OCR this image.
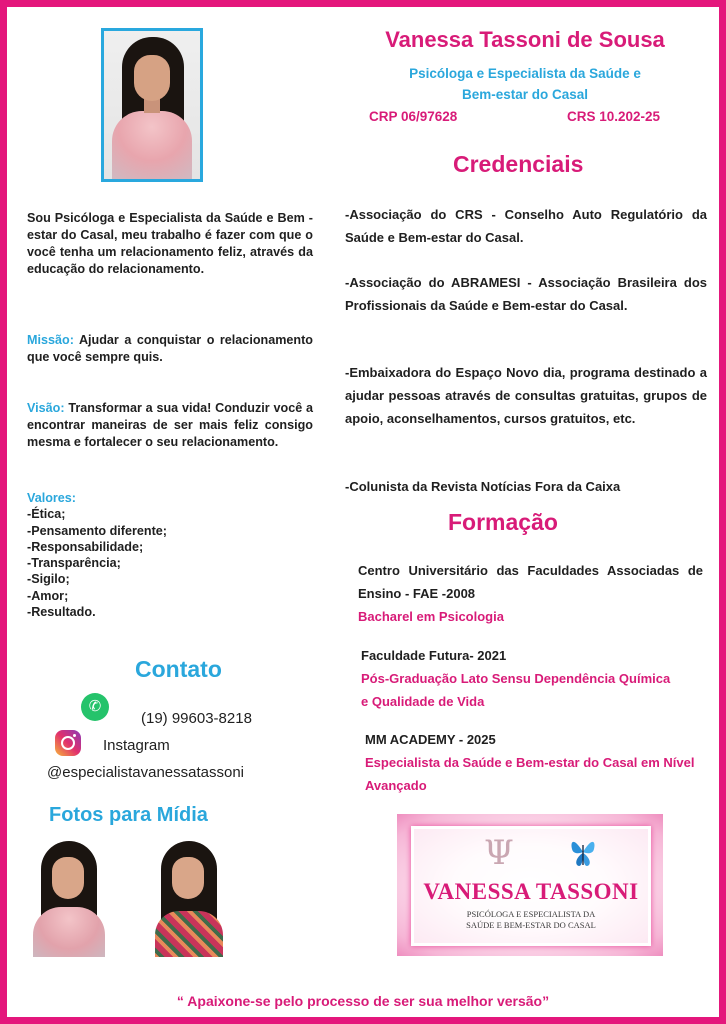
Vanessa Tassoni de Sousa
Psicóloga e Especialista da Saúde e
Bem-estar do Casal
CRP 06/97628	CRS 10.202-25

Sou Psicóloga e Especialista da Saúde e Bem -estar do Casal, meu trabalho é fazer com que o você tenha um relacionamento feliz, através da educação do relacionamento.

Missão: Ajudar a conquistar o relacionamento que você sempre quis.

Visão: Transformar a sua vida! Conduzir você a encontrar maneiras de ser mais feliz consigo mesma e fortalecer o seu relacionamento.

Valores:
-Ética;
-Pensamento diferente;
-Responsabilidade;
-Transparência;
-Sigilo;
-Amor;
-Resultado.
Contato
✆
(19) 99603-8218
Instagram
@especialistavanessatassoni
Fotos para Mídia
Credenciais

-Associação do CRS - Conselho Auto Regulatório da Saúde e Bem-estar do Casal.

-Associação do ABRAMESI - Associação Brasileira dos Profissionais da Saúde e Bem-estar do Casal.

-Embaixadora do Espaço Novo dia, programa destinado a ajudar pessoas através de consultas gratuitas, grupos de apoio, aconselhamentos, cursos gratuitos, etc.

-Colunista da Revista Notícias Fora da Caixa

Formação
Centro Universitário das Faculdades Associadas de Ensino - FAE -2008
Bacharel em Psicologia
Faculdade Futura- 2021
Pós-Graduação Lato Sensu Dependência Química e Qualidade de Vida
MM ACADEMY - 2025
Especialista da Saúde e Bem-estar do Casal em Nível Avançado
Ψ
VANESSA TASSONI
PSICÓLOGA E ESPECIALISTA DA
SAÚDE E BEM-ESTAR DO CASAL
“ Apaixone-se pelo processo de ser sua melhor versão”
